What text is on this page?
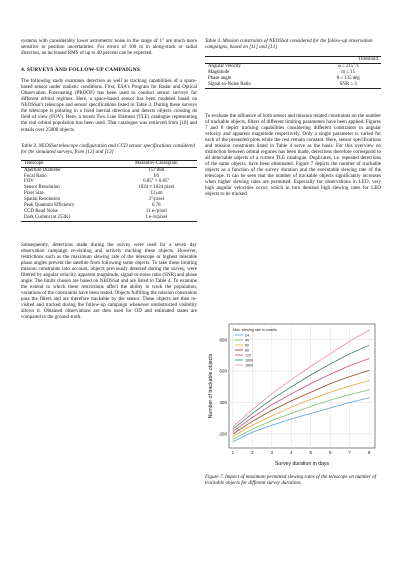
systems with considerably lower astrometric noise in the range of 1" are much more sensitive to position uncertainties. For errors of 100 m in along-track or radial direction, an increased RMS of up to 40 percent can be expected.

4. SURVEYS AND FOLLOW-UP CAMPAIGNS

The following study examines detection as well as tracking capabilities of a space-based sensor under realistic conditions. First, ESA's Program for Radar and Optical Observation Forecasting (PROOF) has been used to conduct sensor surveys for different orbital regimes. Here, a space-based sensor has been modeled based on NEOSSat's telescope and sensor specifications listed in Table 3. During these surveys the telescope is pointing in a fixed inertial direction and detects objects crossing its field of view (FOV). Here, a recent Two Line Element (TLE) catalogue representing the real orbital population has been used. That catalogue was retrieved from [10] and entails over 25000 objects.

Table 3. NEOSSat telescope configuration and CCD sensor specifications considered for the simulated surveys, from [12] and [13]

Telescope	Maksutov-Cassegrain
Aperture Diameter	157 mm
Focal Ratio	f/6
FOV	0.85° × 0.85°
Sensor Resolution	1024 × 1024 pixel
Pixel Size	13 μm
Spatial Resolution	3″/pixel
Peak Quantum Efficiency	0.78
CCD Read Noise	11 e-/pixel
Dark Current (at 253K)	1 e-/s/pixel

Subsequently, detections made during the survey were used for a seven day observation campaign re-visiting and actively tracking these objects. However, restrictions such as the maximum slewing rate of the telescope or highest tolerable phase angles prevent the satellite from following some objects. To take those limiting mission constraints into account, objects previously detected during the survey, were filtered by angular velocity, apparent magnitude, signal-to-noise ratio (SNR) and phase angle. The limits chosen are based on NEOSSat and are listed in Table 4. To examine the extend to which these restrictions affect the ability to track the population, variations of the constraints have been tested. Objects fulfilling the mission constraints pass the filters and are therefore trackable by the sensor. These objects are then re-visited and tracked during the follow-up campaign whenever unobstructed visibility allows it. Obtained observations are then used for OD and estimated states are compared to the ground-truth.

Table 4. Mission constraints of NEOSSat considered for the follow-up observation campaigns, based on [11] and [13]

	Threshold
Angular velocity	ω ≤ 215″/s
Magnitude	m ≤ 15
Phase angle	θ ≤ 135 deg
Signal-to-Noise Ratio	SNR ≥ 3

To evaluate the influence of both sensor and mission related constraints on the number of trackable objects, filters of different limiting parameters have been applied. Figures 7 and 8 depict tracking capabilities considering different constraints in angular velocity and apparent magnitude respectively. Only a single parameter is varied for each of the presented plots while the rest remain constant. Here, sensor specifications and mission constraints listed in Table 4 serve as the basis. For this overview no distinction between orbital regimes has been made, detections therefore correspond to all detectable objects of a current TLE catalogue. Duplicates, i.e. repeated detections of the same objects, have been eliminated. Figure 7 depicts the number of trackable objects as a function of the survey duration and the executable slewing rate of the telescope. It can be seen that the number of trackable objects significantly increases when higher slewing rates are permitted. Especially for observations in LEO, very high angular velocities occur, which in turn demand high slewing rates for LEO objects to be tracked.

200
400
600
800
1	2	3	4	5	6	7	8
Survey duration in days
Number of trackable objects
Max. slewing rate in mrad/s
24
40
60
80
120
1000
1800

Figure 7. Impact of maximum permitted slewing rates of the telescope on number of trackable objects for different survey durations
